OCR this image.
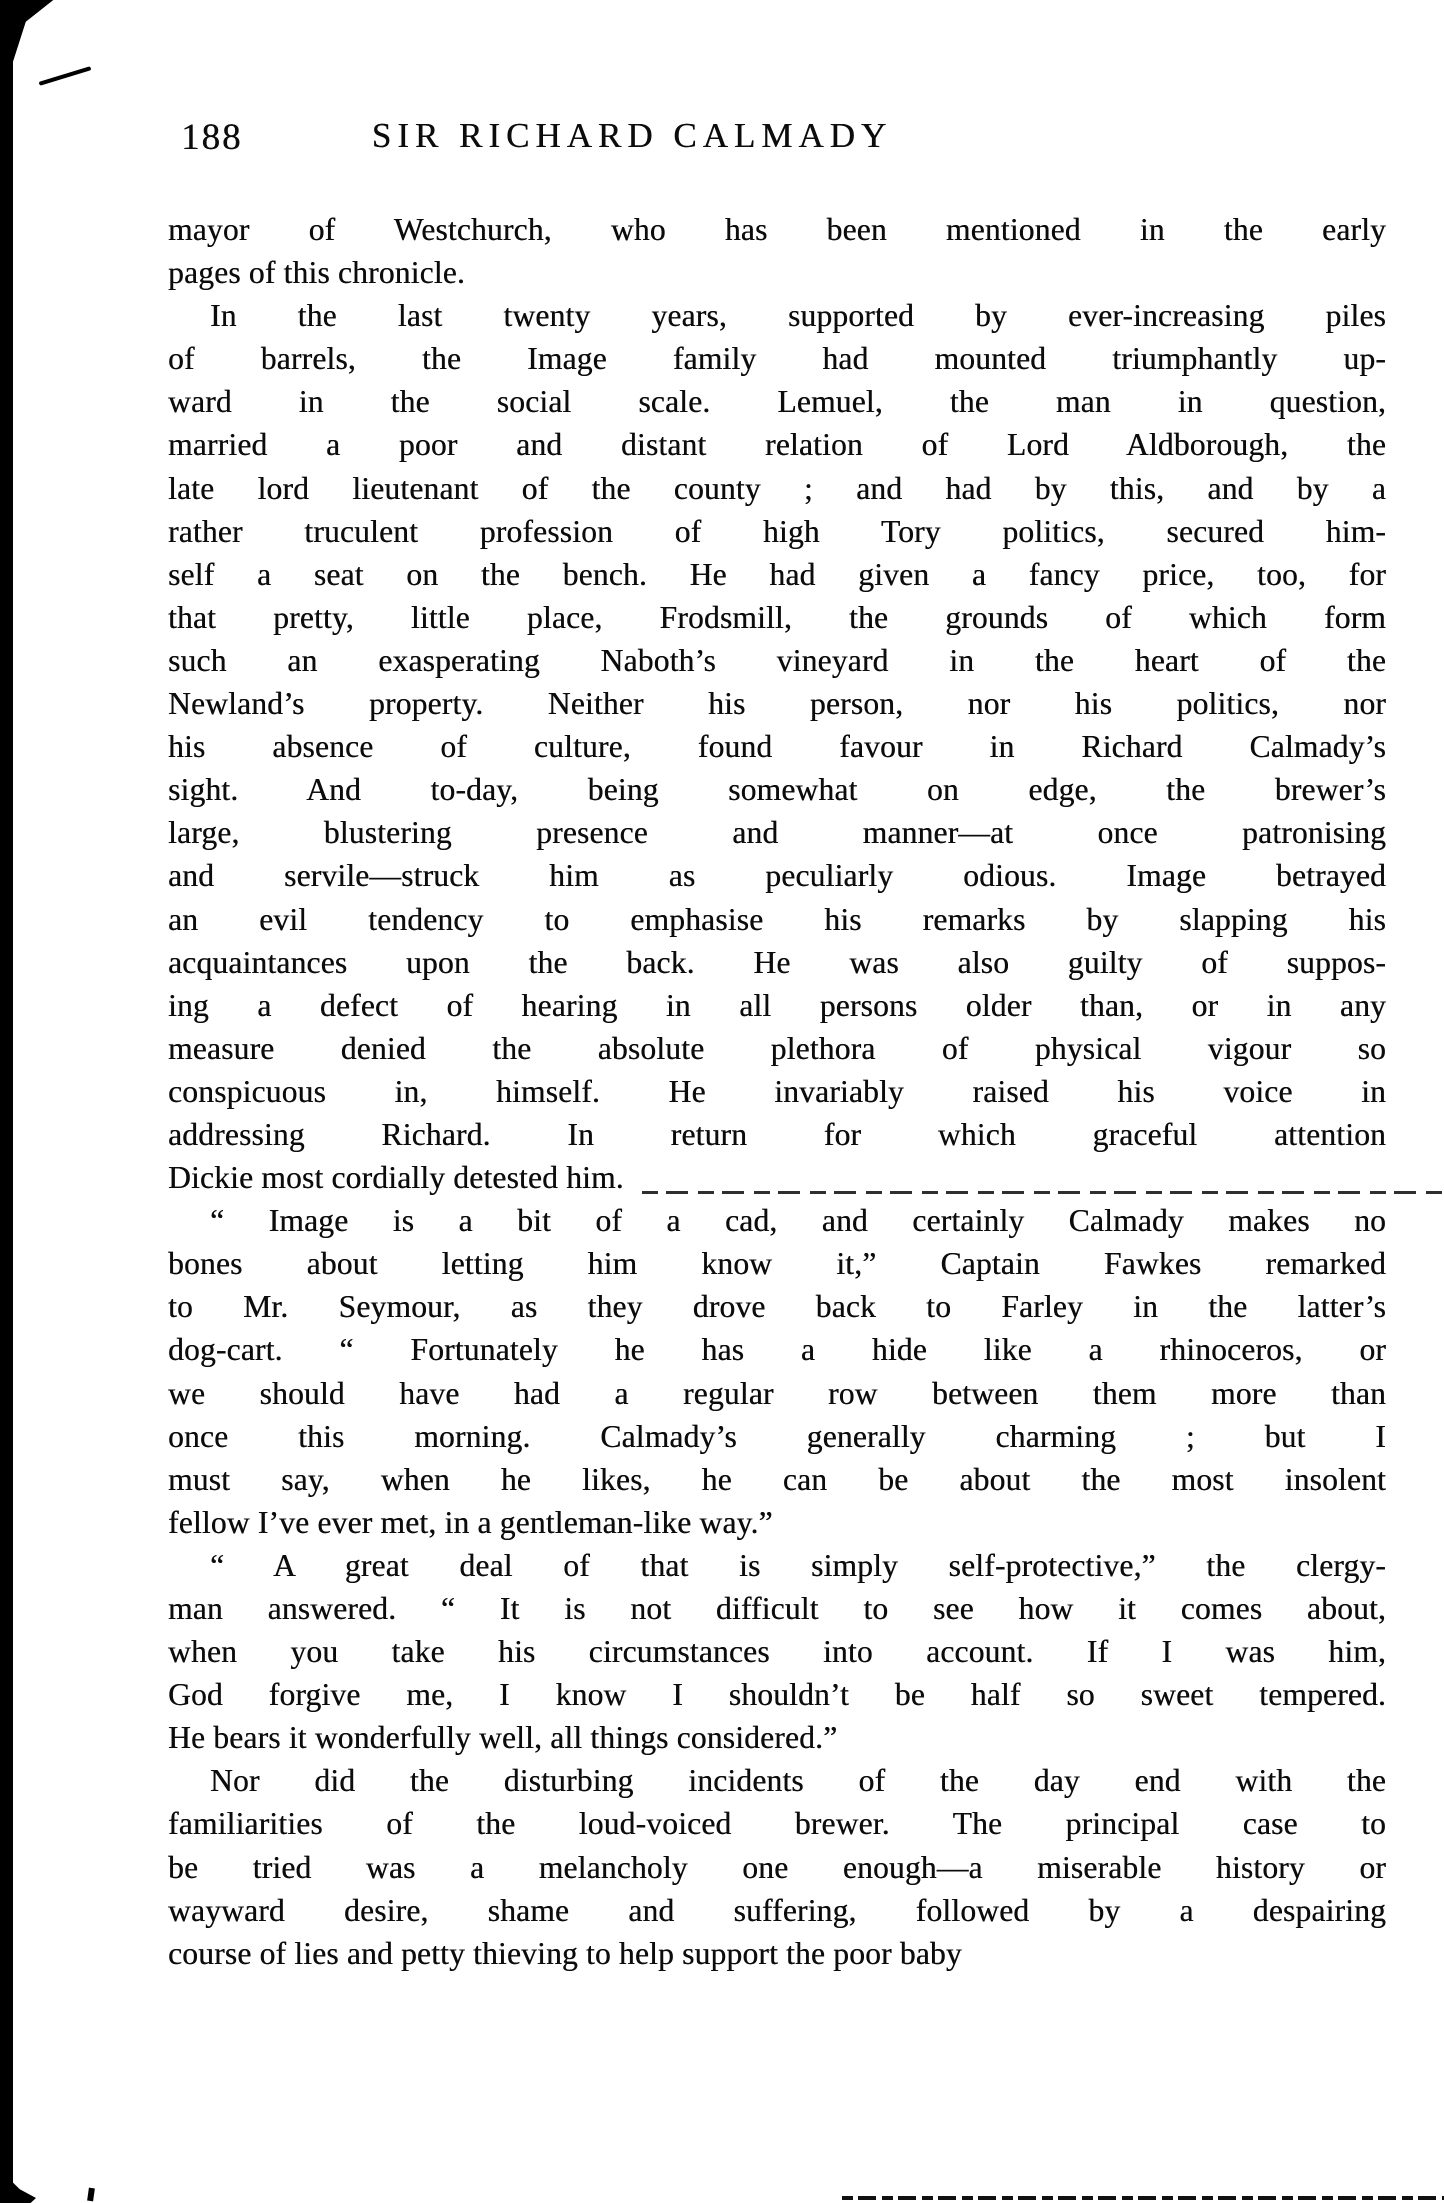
188	SIR RICHARD CALMADY
mayor of Westchurch, who has been mentioned in the early
pages of this chronicle.
In the last twenty years, supported by ever-increasing piles
of barrels, the Image family had mounted triumphantly up-
ward in the social scale. Lemuel, the man in question,
married a poor and distant relation of Lord Aldborough, the
late lord lieutenant of the county ; and had by this, and by a
rather truculent profession of high Tory politics, secured him-
self a seat on the bench. He had given a fancy price, too, for
that pretty, little place, Frodsmill, the grounds of which form
such an exasperating Naboth’s vineyard in the heart of the
Newland’s property. Neither his person, nor his politics, nor
his absence of culture, found favour in Richard Calmady’s
sight. And to-day, being somewhat on edge, the brewer’s
large, blustering presence and manner—at once patronising
and servile—struck him as peculiarly odious. Image betrayed
an evil tendency to emphasise his remarks by slapping his
acquaintances upon the back. He was also guilty of suppos-
ing a defect of hearing in all persons older than, or in any
measure denied the absolute plethora of physical vigour so
conspicuous in, himself. He invariably raised his voice in
addressing Richard. In return for which graceful attention
Dickie most cordially detested him.
“ Image is a bit of a cad, and certainly Calmady makes no
bones about letting him know it,” Captain Fawkes remarked
to Mr. Seymour, as they drove back to Farley in the latter’s
dog-cart. “ Fortunately he has a hide like a rhinoceros, or
we should have had a regular row between them more than
once this morning. Calmady’s generally charming ; but I
must say, when he likes, he can be about the most insolent
fellow I’ve ever met, in a gentleman-like way.”
“ A great deal of that is simply self-protective,” the clergy-
man answered. “ It is not difficult to see how it comes about,
when you take his circumstances into account. If I was him,
God forgive me, I know I shouldn’t be half so sweet tempered.
He bears it wonderfully well, all things considered.”
Nor did the disturbing incidents of the day end with the
familiarities of the loud-voiced brewer. The principal case to
be tried was a melancholy one enough—a miserable history or
wayward desire, shame and suffering, followed by a despairing
course of lies and petty thieving to help support the poor baby
